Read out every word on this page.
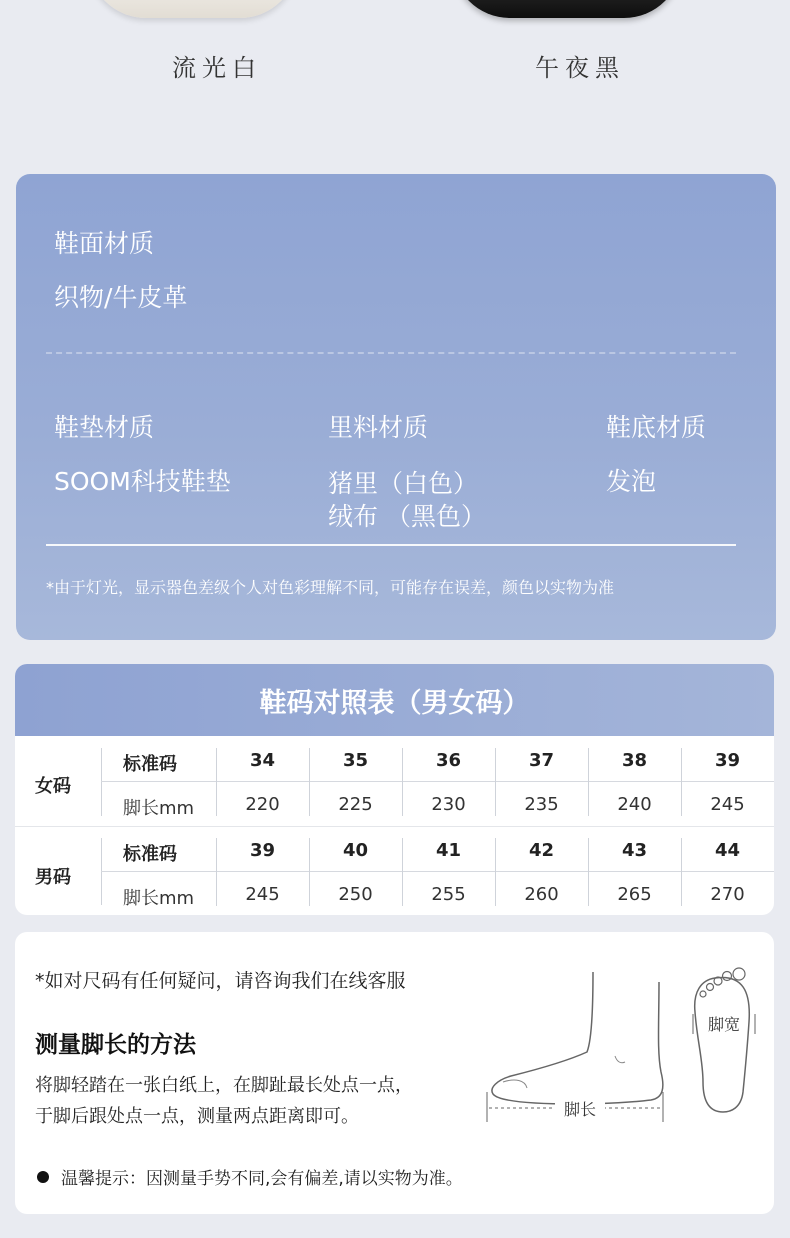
流光白	午夜黑
鞋面材质
织物/牛皮革
鞋垫材质
SOOM科技鞋垫
里料材质
猪里（白色）
绒布 （黑色）
鞋底材质
发泡
*由于灯光，显示器色差级个人对色彩理解不同，可能存在误差，颜色以实物为准
鞋码对照表（男女码）
女码
标准码
脚长mm
34
220
35
225
36
230
37
235
38
240
39
245
男码
标准码
脚长mm
39
245
40
250
41
255
42
260
43
265
44
270
*如对尺码有任何疑问，请咨询我们在线客服
测量脚长的方法
将脚轻踏在一张白纸上，在脚趾最长处点一点，
于脚后跟处点一点，测量两点距离即可。	脚长
脚宽
温馨提示：因测量手势不同,会有偏差,请以实物为准。
